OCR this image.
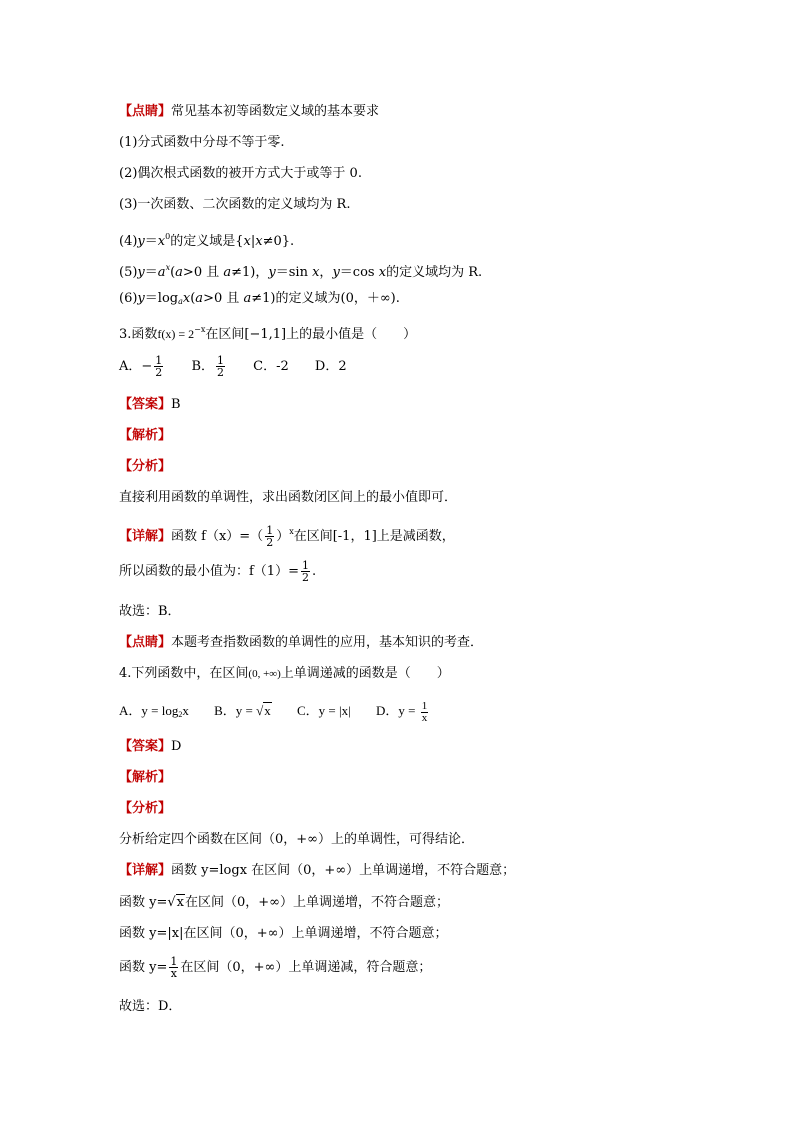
【点睛】常见基本初等函数定义域的基本要求
(1)分式函数中分母不等于零.
(2)偶次根式函数的被开方式大于或等于 0.
(3)一次函数、二次函数的定义域均为 R.
$(4)y=x^0$的定义域是{x|x≠0}.
$(5)y=a^x(a>0$ 且 a≠1)，y＝sin x，y＝cos x的定义域均为 R.
$(6)y=\log_ax(a>0$ 且 a≠1)的定义域为(0，＋∞).
3.函数$f(x) = 2^{-x}$在区间[−1,1]上的最小值是（　　）
A．− $\frac{1}{2}$ B． $\frac{1}{2}$ C．-2 D．2
【答案】B
【解析】
【分析】
直接利用函数的单调性，求出函数闭区间上的最小值即可．
【详解】函数 $f(x)=( \frac{1}{2} )^x$在区间[-1，1]上是减函数，
所以函数的最小值为：$f(1)= \frac{1}{2}$ .
故选：B．
【点睛】本题考查指数函数的单调性的应用，基本知识的考查．
4.下列函数中，在区间(0, +∞)上单调递减的函数是（　　）
A．$y = \log_2x$ B．y = √x C．y = |x| D．$y = \frac{1}{x}$
【答案】D
【解析】
【分析】
分析给定四个函数在区间（0，+∞）上的单调性，可得结论．
【详解】函数 y=logx 在区间（0，+∞）上单调递增，不符合题意；
函数 y=√x在区间（0，+∞）上单调递增，不符合题意；
函数 y=|x|在区间（0，+∞）上单调递增，不符合题意；
函数 $y= \frac{1}{x}$ 在区间（0，+∞）上单调递减，符合题意；
故选：D．
